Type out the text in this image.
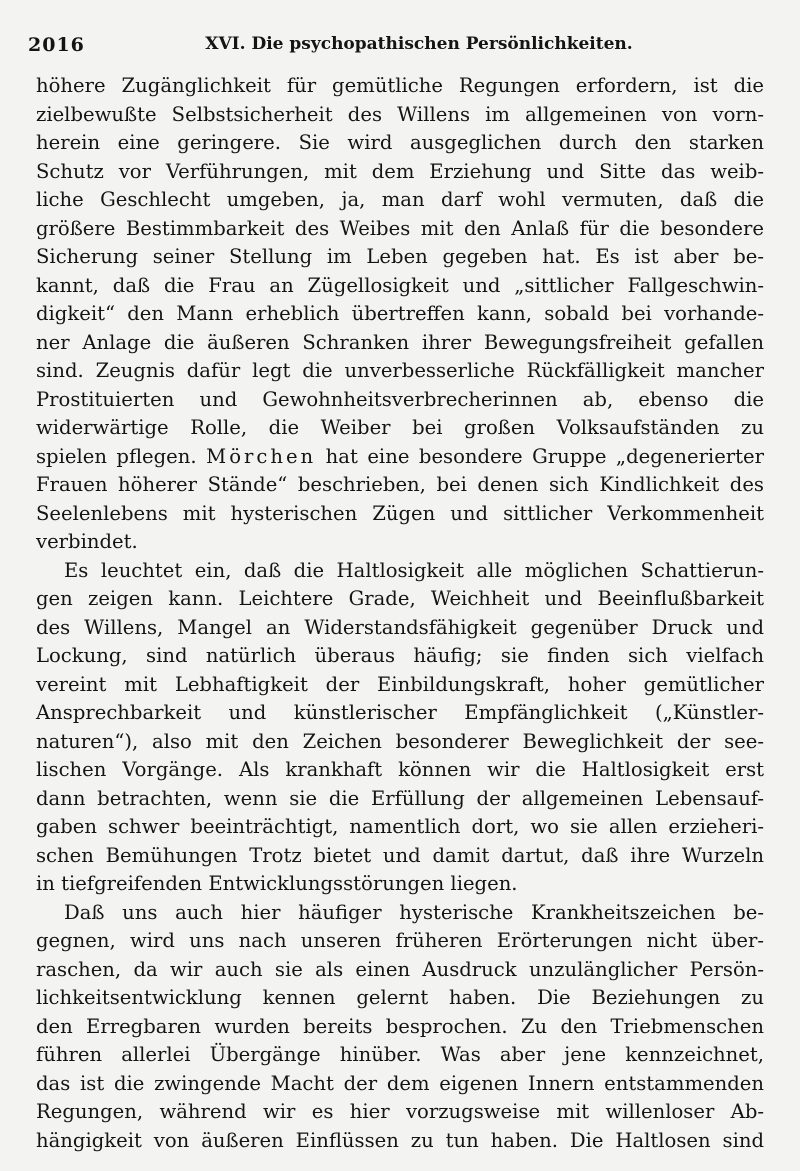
2016	XVI. Die psychopathischen Persönlichkeiten.

höhere Zugänglichkeit für gemütliche Regungen erfordern, ist die
zielbewußte Selbstsicherheit des Willens im allgemeinen von vorn-
herein eine geringere. Sie wird ausgeglichen durch den starken
Schutz vor Verführungen, mit dem Erziehung und Sitte das weib-
liche Geschlecht umgeben, ja, man darf wohl vermuten, daß die
größere Bestimmbarkeit des Weibes mit den Anlaß für die besondere
Sicherung seiner Stellung im Leben gegeben hat. Es ist aber be-
kannt, daß die Frau an Zügellosigkeit und „sittlicher Fallgeschwin-
digkeit“ den Mann erheblich übertreffen kann, sobald bei vorhande-
ner Anlage die äußeren Schranken ihrer Bewegungsfreiheit gefallen
sind. Zeugnis dafür legt die unverbesserliche Rückfälligkeit mancher
Prostituierten und Gewohnheitsverbrecherinnen ab, ebenso die
widerwärtige Rolle, die Weiber bei großen Volksaufständen zu
spielen pflegen. Mörchen hat eine besondere Gruppe „degenerierter
Frauen höherer Stände“ beschrieben, bei denen sich Kindlichkeit des
Seelenlebens mit hysterischen Zügen und sittlicher Verkommenheit
verbindet.

Es leuchtet ein, daß die Haltlosigkeit alle möglichen Schattierun-
gen zeigen kann. Leichtere Grade, Weichheit und Beeinflußbarkeit
des Willens, Mangel an Widerstandsfähigkeit gegenüber Druck und
Lockung, sind natürlich überaus häufig; sie finden sich vielfach
vereint mit Lebhaftigkeit der Einbildungskraft, hoher gemütlicher
Ansprechbarkeit und künstlerischer Empfänglichkeit („Künstler-
naturen“), also mit den Zeichen besonderer Beweglichkeit der see-
lischen Vorgänge. Als krankhaft können wir die Haltlosigkeit erst
dann betrachten, wenn sie die Erfüllung der allgemeinen Lebensauf-
gaben schwer beeinträchtigt, namentlich dort, wo sie allen erzieheri-
schen Bemühungen Trotz bietet und damit dartut, daß ihre Wurzeln
in tiefgreifenden Entwicklungsstörungen liegen.

Daß uns auch hier häufiger hysterische Krankheitszeichen be-
gegnen, wird uns nach unseren früheren Erörterungen nicht über-
raschen, da wir auch sie als einen Ausdruck unzulänglicher Persön-
lichkeitsentwicklung kennen gelernt haben. Die Beziehungen zu
den Erregbaren wurden bereits besprochen. Zu den Triebmenschen
führen allerlei Übergänge hinüber. Was aber jene kennzeichnet,
das ist die zwingende Macht der dem eigenen Innern entstammenden
Regungen, während wir es hier vorzugsweise mit willenloser Ab-
hängigkeit von äußeren Einflüssen zu tun haben. Die Haltlosen sind
